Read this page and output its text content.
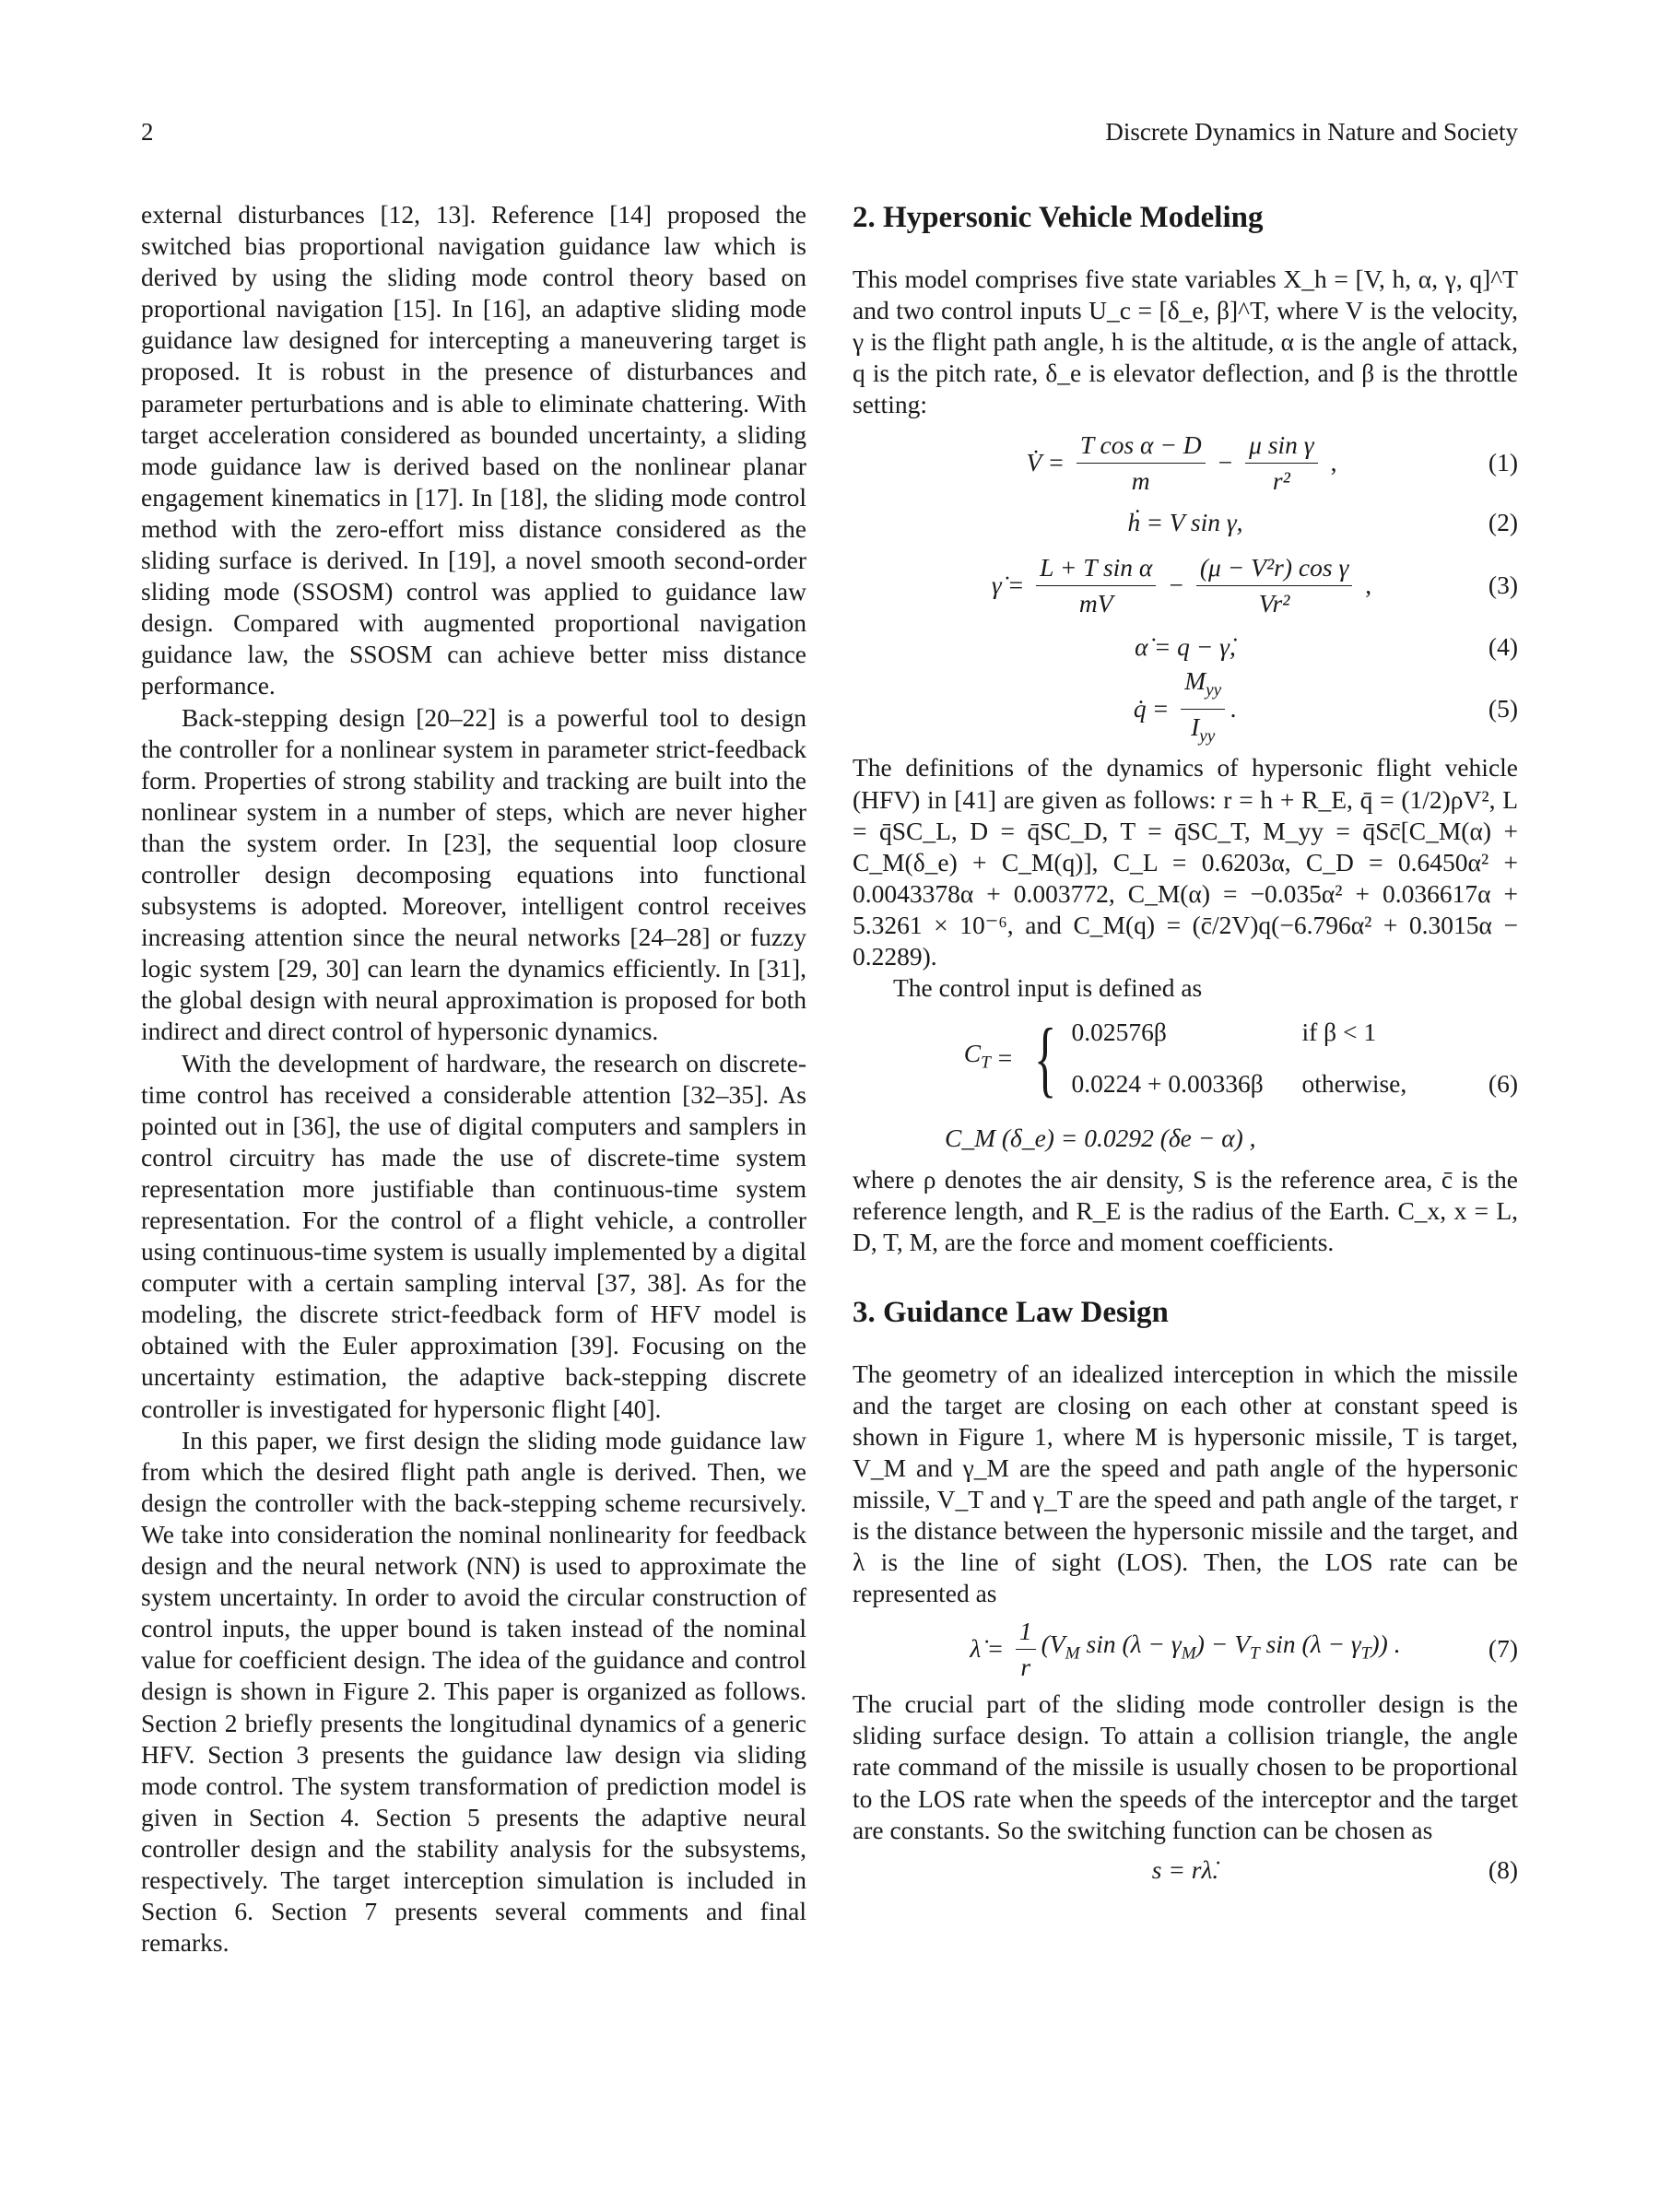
2	Discrete Dynamics in Nature and Society

external disturbances [12, 13]. Reference [14] proposed the switched bias proportional navigation guidance law which is derived by using the sliding mode control theory based on proportional navigation [15]. In [16], an adaptive sliding mode guidance law designed for intercepting a maneuvering target is proposed. It is robust in the presence of disturbances and parameter perturbations and is able to eliminate chattering. With target acceleration considered as bounded uncertainty, a sliding mode guidance law is derived based on the nonlinear planar engagement kinematics in [17]. In [18], the sliding mode control method with the zero-effort miss distance considered as the sliding surface is derived. In [19], a novel smooth second-order sliding mode (SSOSM) control was applied to guidance law design. Compared with augmented proportional navigation guidance law, the SSOSM can achieve better miss distance performance.

Back-stepping design [20–22] is a powerful tool to design the controller for a nonlinear system in parameter strict-feedback form. Properties of strong stability and tracking are built into the nonlinear system in a number of steps, which are never higher than the system order. In [23], the sequential loop closure controller design decomposing equations into functional subsystems is adopted. Moreover, intelligent control receives increasing attention since the neural networks [24–28] or fuzzy logic system [29, 30] can learn the dynamics efficiently. In [31], the global design with neural approximation is proposed for both indirect and direct control of hypersonic dynamics.

With the development of hardware, the research on discrete-time control has received a considerable attention [32–35]. As pointed out in [36], the use of digital computers and samplers in control circuitry has made the use of discrete-time system representation more justifiable than continuous-time system representation. For the control of a flight vehicle, a controller using continuous-time system is usually implemented by a digital computer with a certain sampling interval [37, 38]. As for the modeling, the discrete strict-feedback form of HFV model is obtained with the Euler approximation [39]. Focusing on the uncertainty estimation, the adaptive back-stepping discrete controller is investigated for hypersonic flight [40].

In this paper, we first design the sliding mode guidance law from which the desired flight path angle is derived. Then, we design the controller with the back-stepping scheme recursively. We take into consideration the nominal nonlinearity for feedback design and the neural network (NN) is used to approximate the system uncertainty. In order to avoid the circular construction of control inputs, the upper bound is taken instead of the nominal value for coefficient design. The idea of the guidance and control design is shown in Figure 2. This paper is organized as follows. Section 2 briefly presents the longitudinal dynamics of a generic HFV. Section 3 presents the guidance law design via sliding mode control. The system transformation of prediction model is given in Section 4. Section 5 presents the adaptive neural controller design and the stability analysis for the subsystems, respectively. The target interception simulation is included in Section 6. Section 7 presents several comments and final remarks.

2. Hypersonic Vehicle Modeling

This model comprises five state variables X_h = [V, h, α, γ, q]^T and two control inputs U_c = [δ_e, β]^T, where V is the velocity, γ is the flight path angle, h is the altitude, α is the angle of attack, q is the pitch rate, δ_e is elevator deflection, and β is the throttle setting:

V̇ = $\frac{\text{T cos α − D}}{m} - \frac{\text{μ sin γ}}{\text{r²}}$ ,	(1)
ḣ = V sin γ,	(2)
γ̇ = $\frac{\text{L + T sin α}}{mV} - \frac{\text{(μ − V²r) cos γ}}{\text{Vr²}}$ ,	(3)
α̇ = q − γ̇,	(4)
q̇ = $\frac{M_{yy}}{I_{yy}}$ .	(5)

The definitions of the dynamics of hypersonic flight vehicle (HFV) in [41] are given as follows: r = h + R_E, q̄ = (1/2)ρV², L = q̄SC_L, D = q̄SC_D, T = q̄SC_T, M_yy = q̄Sc̄[C_M(α) + C_M(δ_e) + C_M(q)], C_L = 0.6203α, C_D = 0.6450α² + 0.0043378α + 0.003772, C_M(α) = −0.035α² + 0.036617α + 5.3261 × 10⁻⁶, and C_M(q) = (c̄/2V)q(−6.796α² + 0.3015α − 0.2289).

The control input is defined as

$C_T$ = { 0.02576β	if β < 1
0.0224 + 0.00336β otherwise,	(6)
C_M (δ_e) = 0.0292 (δe − α) ,

where ρ denotes the air density, S is the reference area, c̄ is the reference length, and R_E is the radius of the Earth. C_x, x = L, D, T, M, are the force and moment coefficients.

3. Guidance Law Design

The geometry of an idealized interception in which the missile and the target are closing on each other at constant speed is shown in Figure 1, where M is hypersonic missile, T is target, V_M and γ_M are the speed and path angle of the hypersonic missile, V_T and γ_T are the speed and path angle of the target, r is the distance between the hypersonic missile and the target, and λ is the line of sight (LOS). Then, the LOS rate can be represented as

λ̇ = $\frac{1}{r} (V_M$ $\sin (\lambda - \gamma_M) - V_T$ $\sin (\lambda - \gamma_T)$) .	(7)

The crucial part of the sliding mode controller design is the sliding surface design. To attain a collision triangle, the angle rate command of the missile is usually chosen to be proportional to the LOS rate when the speeds of the interceptor and the target are constants. So the switching function can be chosen as

s = rλ̇.	(8)
